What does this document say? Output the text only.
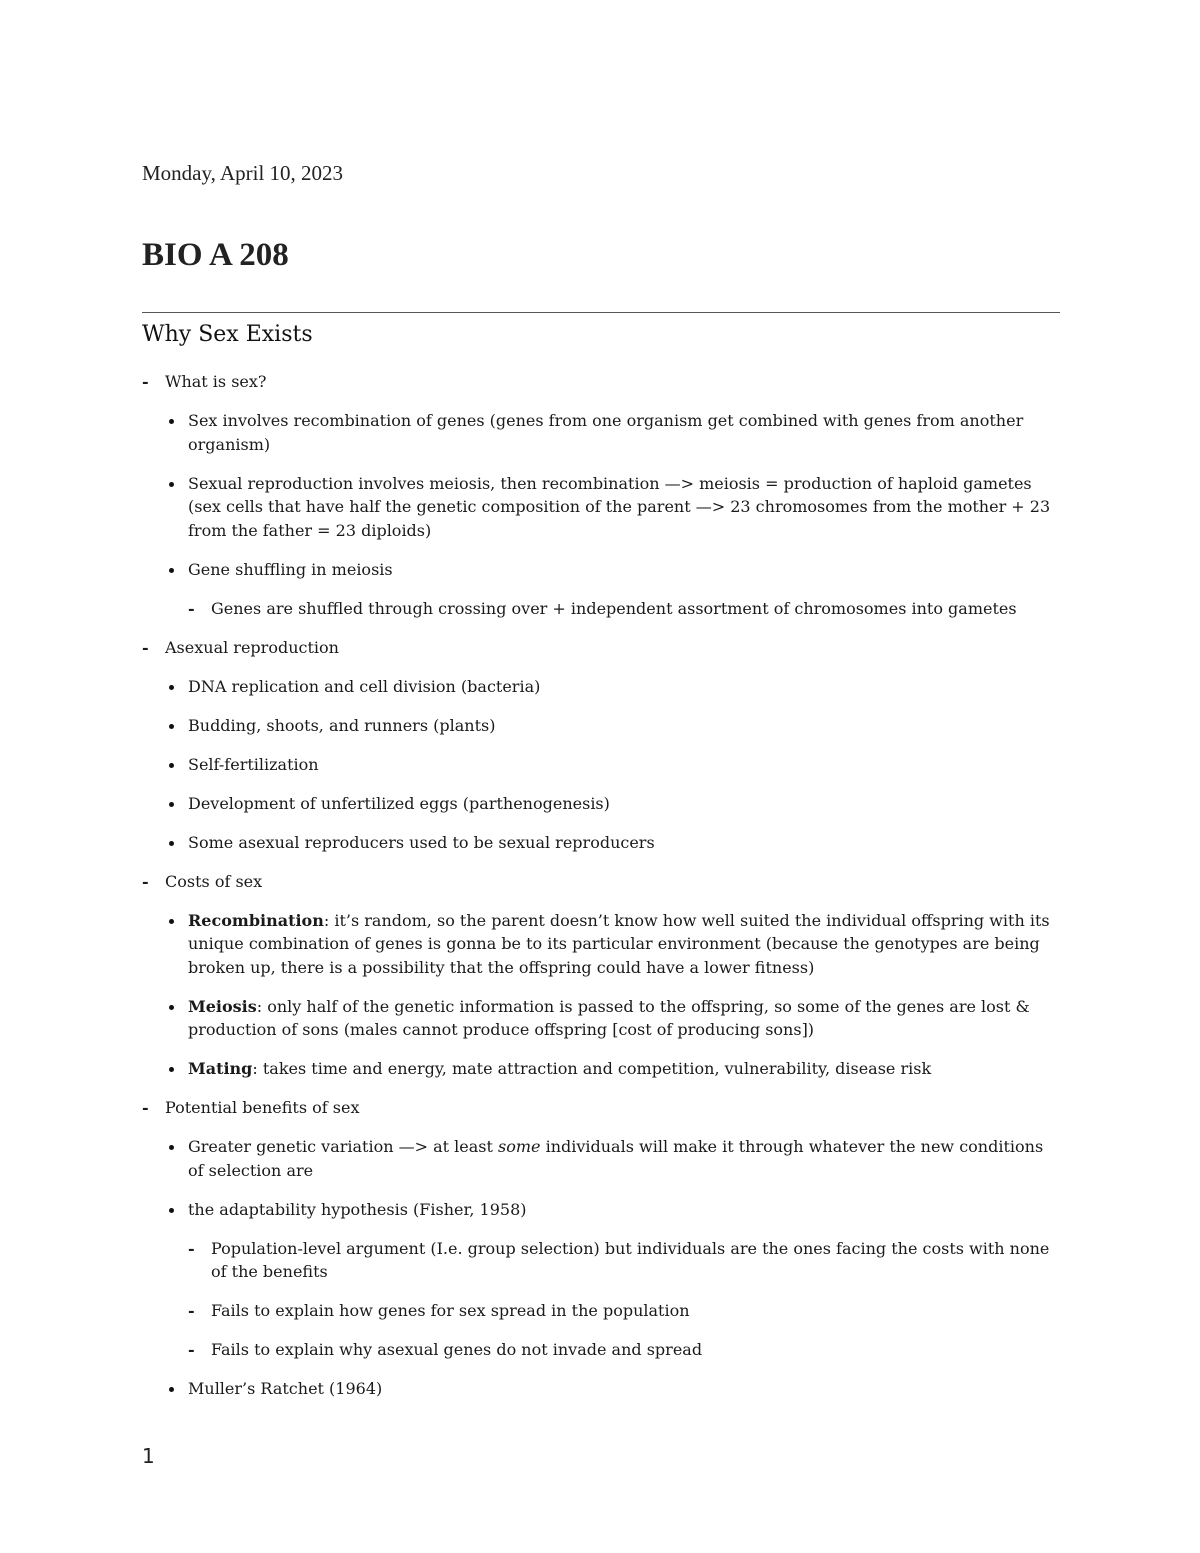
Monday, April 10, 2023
BIO A 208
Why Sex Exists
- What is sex?
Sex involves recombination of genes (genes from one organism get combined with genes from another organism)
Sexual reproduction involves meiosis, then recombination —> meiosis = production of haploid gametes (sex cells that have half the genetic composition of the parent —> 23 chromosomes from the mother + 23 from the father = 23 diploids)
Gene shuffling in meiosis
- Genes are shuffled through crossing over + independent assortment of chromosomes into gametes
- Asexual reproduction
DNA replication and cell division (bacteria)
Budding, shoots, and runners (plants)
Self-fertilization
Development of unfertilized eggs (parthenogenesis)
Some asexual reproducers used to be sexual reproducers
- Costs of sex
Recombination: it’s random, so the parent doesn’t know how well suited the individual offspring with its unique combination of genes is gonna be to its particular environment (because the genotypes are being broken up, there is a possibility that the offspring could have a lower fitness)
Meiosis: only half of the genetic information is passed to the offspring, so some of the genes are lost & production of sons (males cannot produce offspring [cost of producing sons])
Mating: takes time and energy, mate attraction and competition, vulnerability, disease risk
- Potential benefits of sex
Greater genetic variation —> at least some individuals will make it through whatever the new conditions of selection are
the adaptability hypothesis (Fisher, 1958)
- Population-level argument (I.e. group selection) but individuals are the ones facing the costs with none of the benefits
- Fails to explain how genes for sex spread in the population
- Fails to explain why asexual genes do not invade and spread
Muller’s Ratchet (1964)
1
